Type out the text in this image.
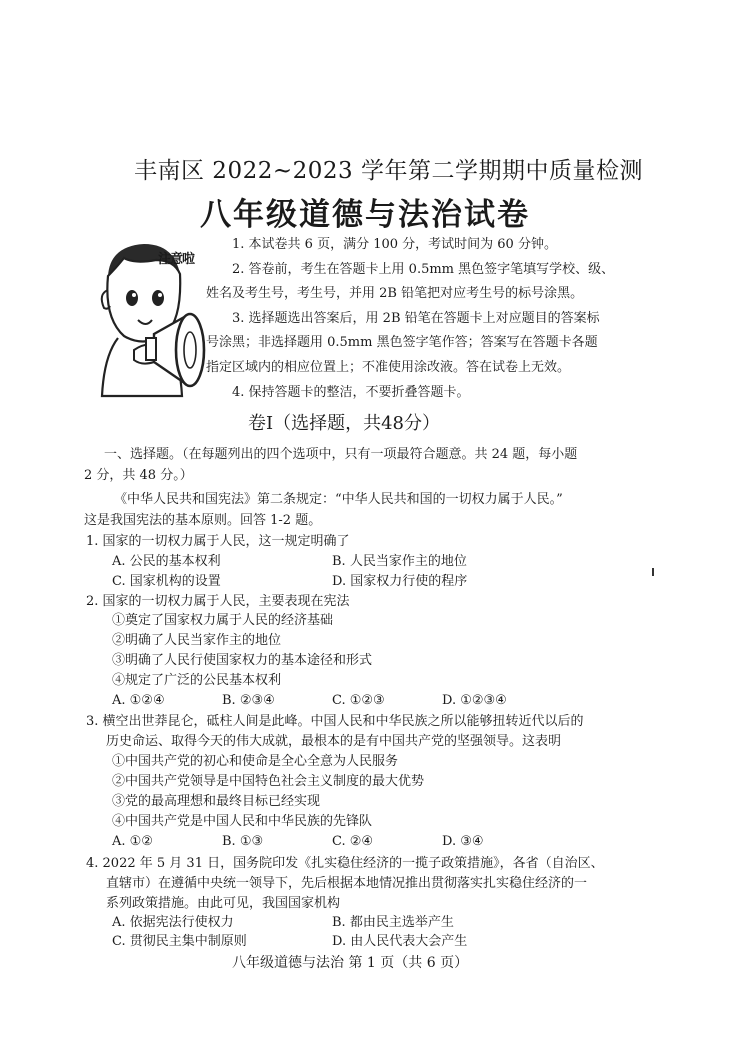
丰南区 2022~2023 学年第二学期期中质量检测
八年级道德与法治试卷
注意啦
1. 本试卷共 6 页，满分 100 分，考试时间为 60 分钟。
2. 答卷前，考生在答题卡上用 0.5mm 黑色签字笔填写学校、级、
姓名及考生号，考生号，并用 2B 铅笔把对应考生号的标号涂黑。
3. 选择题选出答案后，用 2B 铅笔在答题卡上对应题目的答案标
号涂黑；非选择题用 0.5mm 黑色签字笔作答；答案写在答题卡各题
指定区域内的相应位置上；不准使用涂改液。答在试卷上无效。
4. 保持答题卡的整洁，不要折叠答题卡。
卷Ⅰ（选择题，共48分）
一、选择题。（在每题列出的四个选项中，只有一项最符合题意。共 24 题，每小题
2 分，共 48 分。）
《中华人民共和国宪法》第二条规定：“中华人民共和国的一切权力属于人民。”
这是我国宪法的基本原则。回答 1-2 题。
1. 国家的一切权力属于人民，这一规定明确了
A. 公民的基本权利	B. 人民当家作主的地位
C. 国家机构的设置	D. 国家权力行使的程序
2. 国家的一切权力属于人民，主要表现在宪法
①奠定了国家权力属于人民的经济基础
②明确了人民当家作主的地位
③明确了人民行使国家权力的基本途径和形式
④规定了广泛的公民基本权利
A. ①②④	B. ②③④	C. ①②③	D. ①②③④
3. 横空出世莽昆仑，砥柱人间是此峰。中国人民和中华民族之所以能够扭转近代以后的
历史命运、取得今天的伟大成就，最根本的是有中国共产党的坚强领导。这表明
①中国共产党的初心和使命是全心全意为人民服务
②中国共产党领导是中国特色社会主义制度的最大优势
③党的最高理想和最终目标已经实现
④中国共产党是中国人民和中华民族的先锋队
A. ①②	B. ①③	C. ②④	D. ③④
4. 2022 年 5 月 31 日，国务院印发《扎实稳住经济的一揽子政策措施》，各省（自治区、
直辖市）在遵循中央统一领导下，先后根据本地情况推出贯彻落实扎实稳住经济的一
系列政策措施。由此可见，我国国家机构
A. 依据宪法行使权力	B. 都由民主选举产生
C. 贯彻民主集中制原则	D. 由人民代表大会产生
八年级道德与法治 第 1 页（共 6 页）
